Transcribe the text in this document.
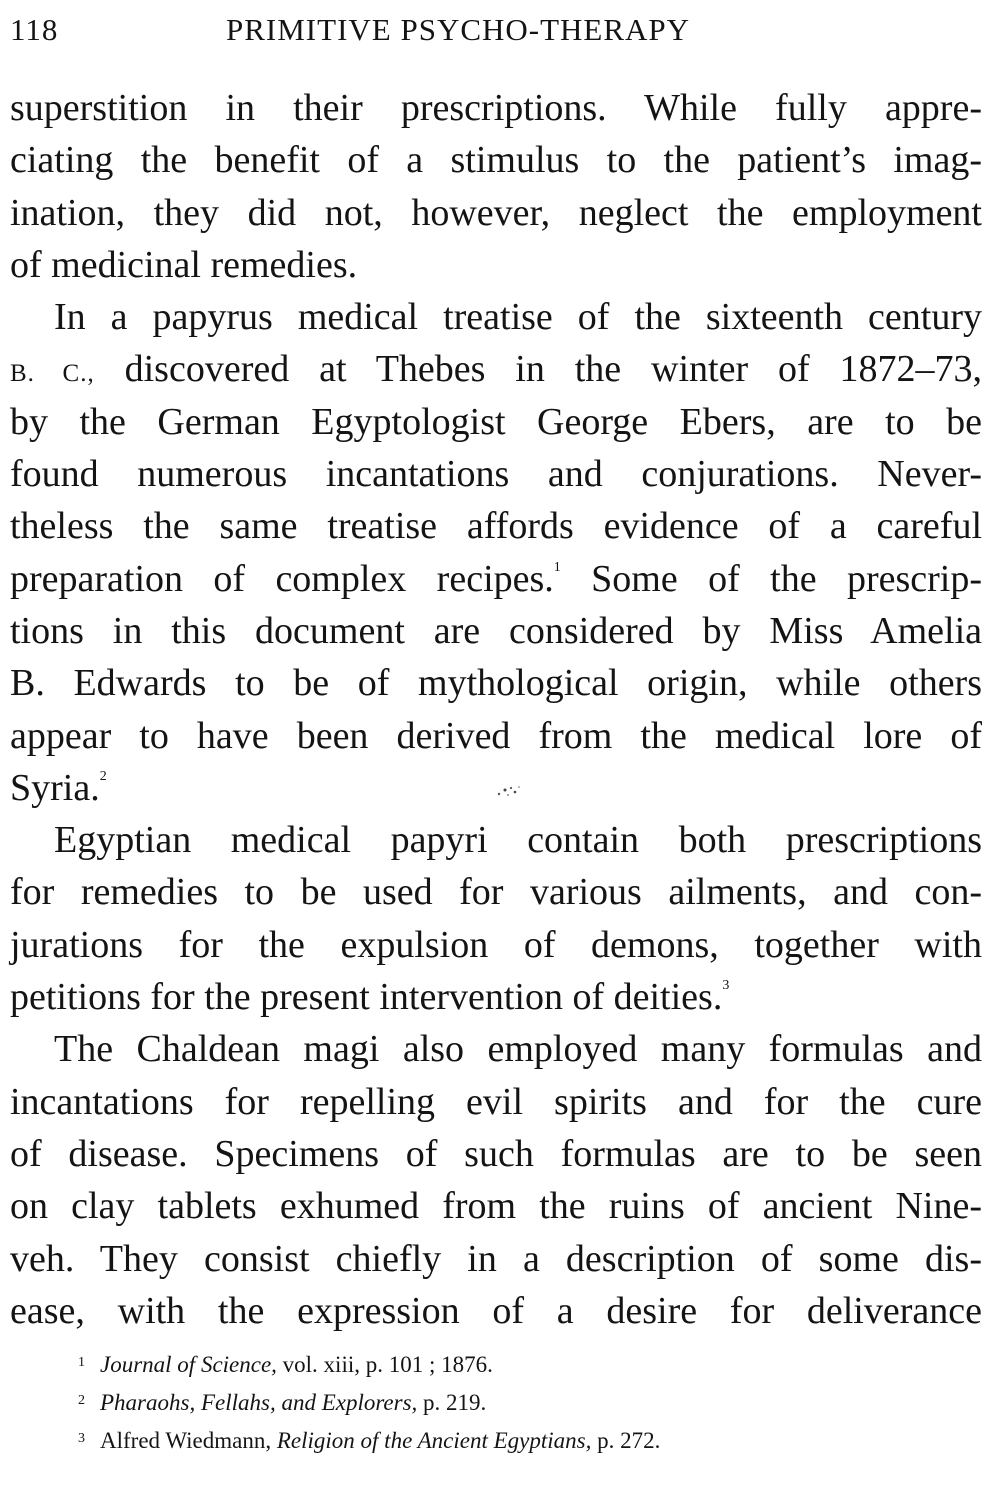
118	PRIMITIVE PSYCHO-THERAPY
superstition in their prescriptions. While fully appre-
ciating the benefit of a stimulus to the patient’s imag-
ination, they did not, however, neglect the employment
of medicinal remedies.
In a papyrus medical treatise of the sixteenth century
B. C., discovered at Thebes in the winter of 1872–73,
by the German Egyptologist George Ebers, are to be
found numerous incantations and conjurations. Never-
theless the same treatise affords evidence of a careful
preparation of complex recipes.$^1$ Some of the prescrip-
tions in this document are considered by Miss Amelia
B. Edwards to be of mythological origin, while others
appear to have been derived from the medical lore of
Syria.$^2$
Egyptian medical papyri contain both prescriptions
for remedies to be used for various ailments, and con-
jurations for the expulsion of demons, together with
petitions for the present intervention of deities.$^3$
The Chaldean magi also employed many formulas and
incantations for repelling evil spirits and for the cure
of disease. Specimens of such formulas are to be seen
on clay tablets exhumed from the ruins of ancient Nine-
veh. They consist chiefly in a description of some dis-
ease, with the expression of a desire for deliverance
1 Journal of Science, vol. xiii, p. 101 ; 1876.
2 Pharaohs, Fellahs, and Explorers, p. 219.
3 Alfred Wiedmann, Religion of the Ancient Egyptians, p. 272.
